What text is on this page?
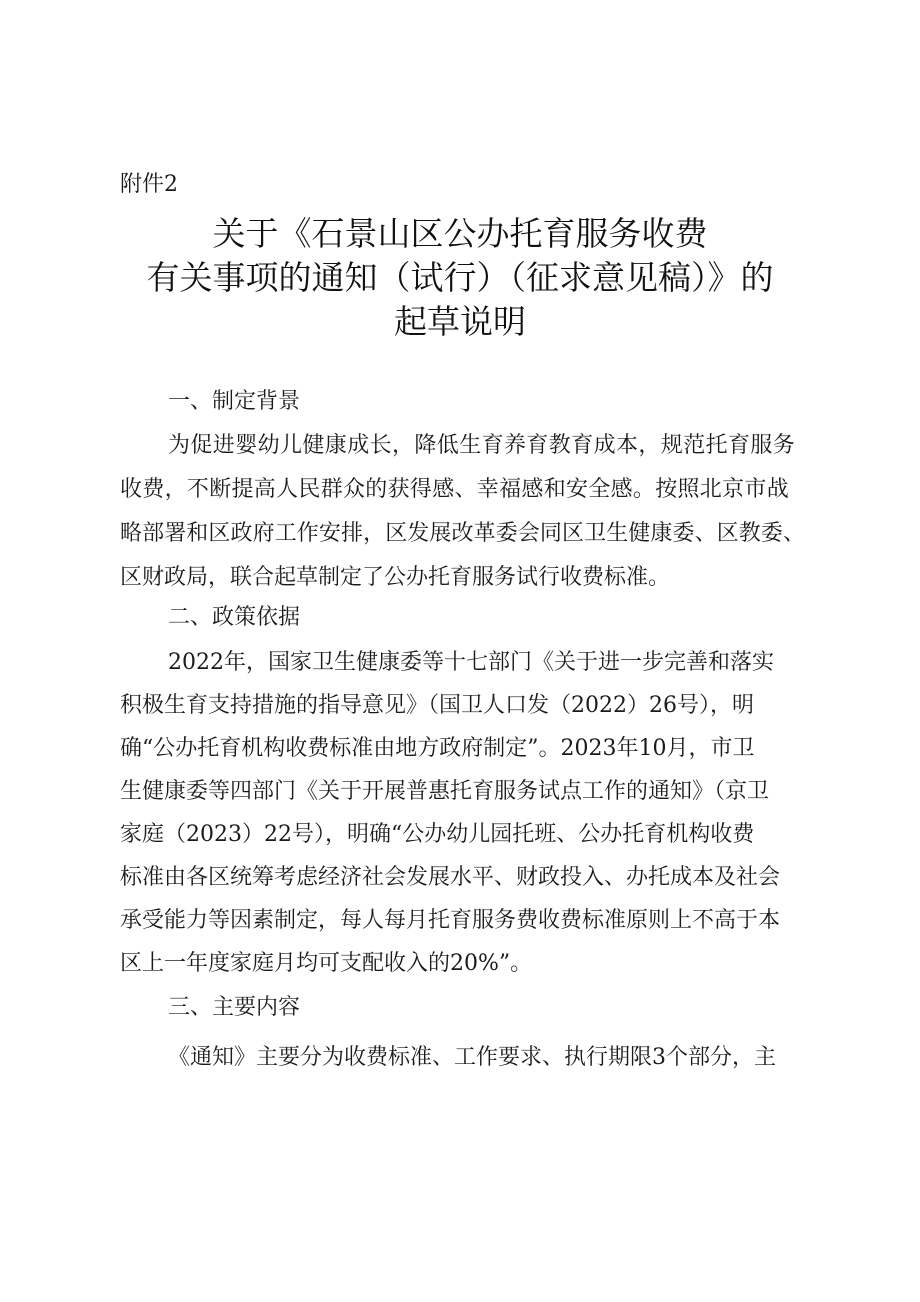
附件2
关于《石景山区公办托育服务收费
有关事项的通知（试行）（征求意见稿）》的
起草说明
一、制定背景
为促进婴幼儿健康成长，降低生育养育教育成本，规范托育服务
收费，不断提高人民群众的获得感、幸福感和安全感。按照北京市战
略部署和区政府工作安排，区发展改革委会同区卫生健康委、区教委、
区财政局，联合起草制定了公办托育服务试行收费标准。
二、政策依据
2022年，国家卫生健康委等十七部门《关于进一步完善和落实
积极生育支持措施的指导意见》（国卫人口发（2022）26号），明
确“公办托育机构收费标准由地方政府制定”。2023年10月，市卫
生健康委等四部门《关于开展普惠托育服务试点工作的通知》（京卫
家庭（2023）22号），明确“公办幼儿园托班、公办托育机构收费
标准由各区统筹考虑经济社会发展水平、财政投入、办托成本及社会
承受能力等因素制定，每人每月托育服务费收费标准原则上不高于本
区上一年度家庭月均可支配收入的20%”。
三、主要内容
《通知》主要分为收费标准、工作要求、执行期限3个部分，主
